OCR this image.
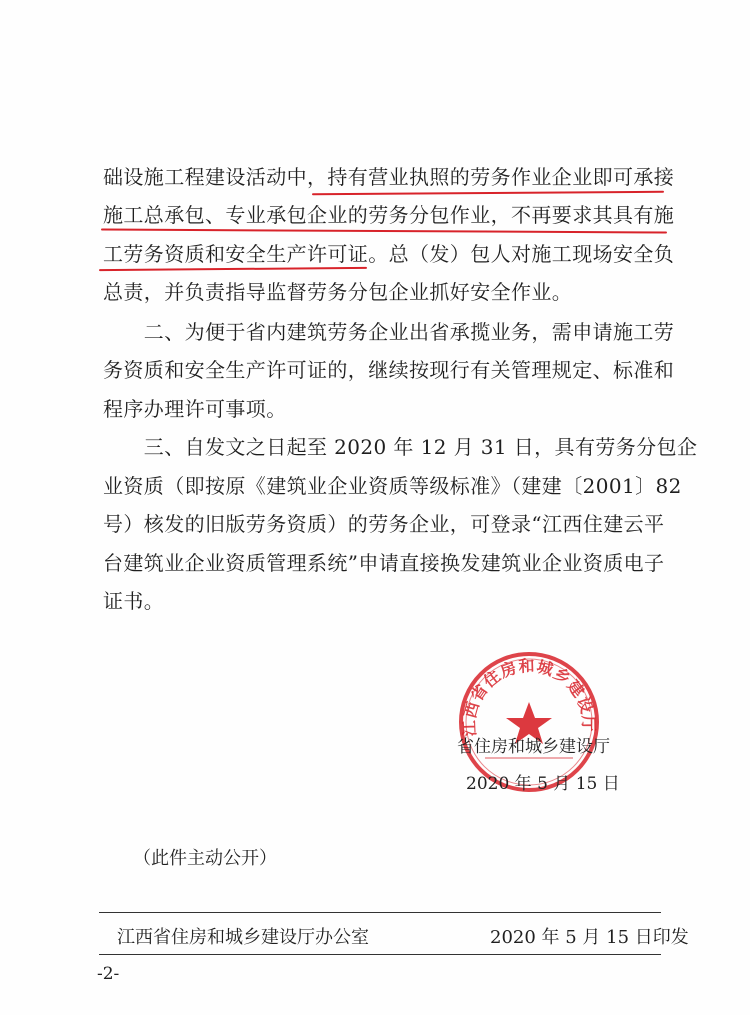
础设施工程建设活动中，持有营业执照的劳务作业企业即可承接
施工总承包、专业承包企业的劳务分包作业，不再要求其具有施
工劳务资质和安全生产许可证。总（发）包人对施工现场安全负
总责，并负责指导监督劳务分包企业抓好安全作业。
　　二、为便于省内建筑劳务企业出省承揽业务，需申请施工劳
务资质和安全生产许可证的，继续按现行有关管理规定、标准和
程序办理许可事项。
　　三、自发文之日起至 2020 年 12 月 31 日，具有劳务分包企
业资质（即按原《建筑业企业资质等级标准》（建建〔2001〕82
号）核发的旧版劳务资质）的劳务企业，可登录“江西住建云平
台建筑业企业资质管理系统”申请直接换发建筑业企业资质电子
证书。
江西省住房和城乡建设厅
省住房和城乡建设厅
2020 年 5 月 15 日
（此件主动公开）
江西省住房和城乡建设厅办公室	2020 年 5 月 15 日印发
-2-
